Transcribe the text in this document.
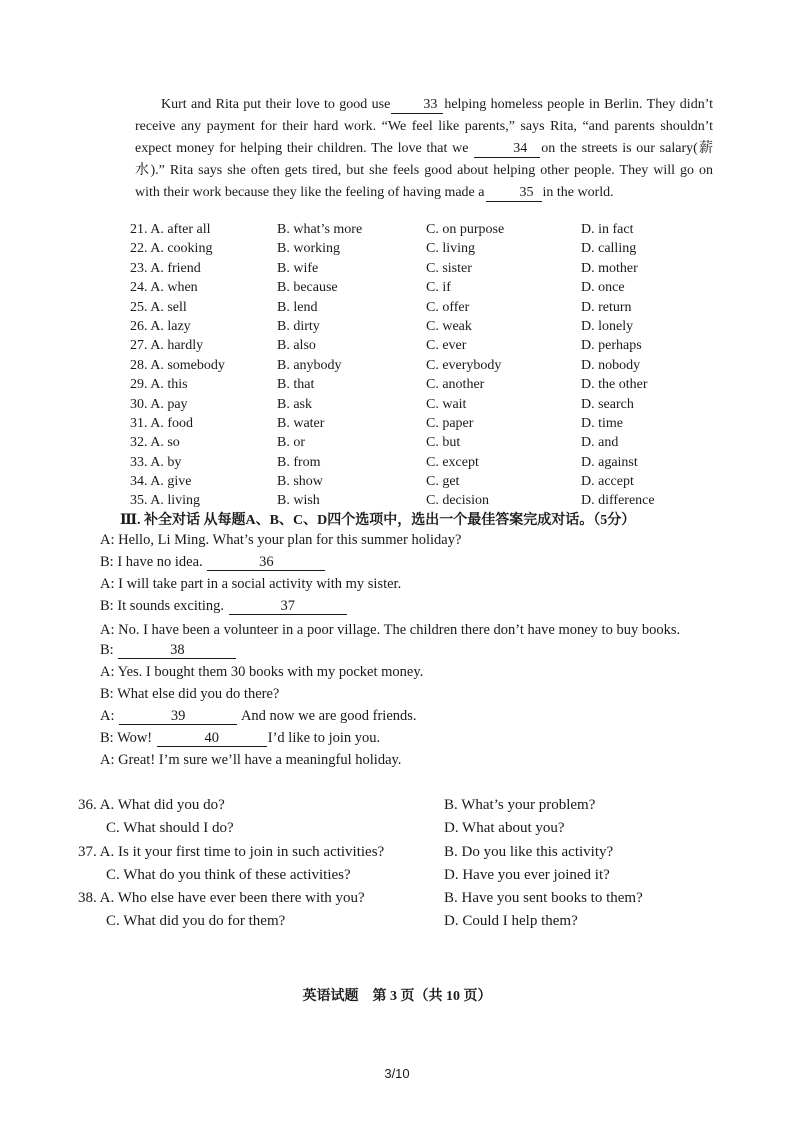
Kurt and Rita put their love to good use 33 helping homeless people in Berlin. They didn’t receive any payment for their hard work. “We feel like parents,” says Rita, “and parents shouldn’t expect money for helping their children. The love that we	34 on the streets is our salary(薪水).” Rita says she often gets tired, but she feels good about helping other people. They will go on with their work because they like the feeling of having made a	35 in the world.

21. A. after all	B. what’s more	C. on purpose	D. in fact
22. A. cooking	B. working	C. living	D. calling
23. A. friend	B. wife	C. sister	D. mother
24. A. when	B. because	C. if	D. once
25. A. sell	B. lend	C. offer	D. return
26. A. lazy	B. dirty	C. weak	D. lonely
27. A. hardly	B. also	C. ever	D. perhaps
28. A. somebody	B. anybody	C. everybody	D. nobody
29. A. this	B. that	C. another	D. the other
30. A. pay	B. ask	C. wait	D. search
31. A. food	B. water	C. paper	D. time
32. A. so	B. or	C. but	D. and
33. A. by	B. from	C. except	D. against
34. A. give	B. show	C. get	D. accept
35. A. living	B. wish	C. decision	D. difference
Ⅲ. 补全对话 从每题A、B、C、D四个选项中，选出一个最佳答案完成对话。（5分）
A: Hello, Li Ming. What’s your plan for this summer holiday?
B: I have no idea.	36
A: I will take part in a social activity with my sister.
B: It sounds exciting.	37
A: No. I have been a volunteer in a poor village. The children there don’t have money to buy books.
B:	38
A: Yes. I bought them 30 books with my pocket money.
B: What else did you do there?
A:	39	And now we are good friends.
B: Wow!	40	I’d like to join you.
A: Great! I’m sure we’ll have a meaningful holiday.
36. A. What did you do?	B. What’s your problem?
C. What should I do?	D. What about you?
37. A. Is it your first time to join in such activities?	B. Do you like this activity?
C. What do you think of these activities?	D. Have you ever joined it?
38. A. Who else have ever been there with you?	B. Have you sent books to them?
C. What did you do for them?	D. Could I help them?
英语试题　第 3 页（共 10 页）
3/10
